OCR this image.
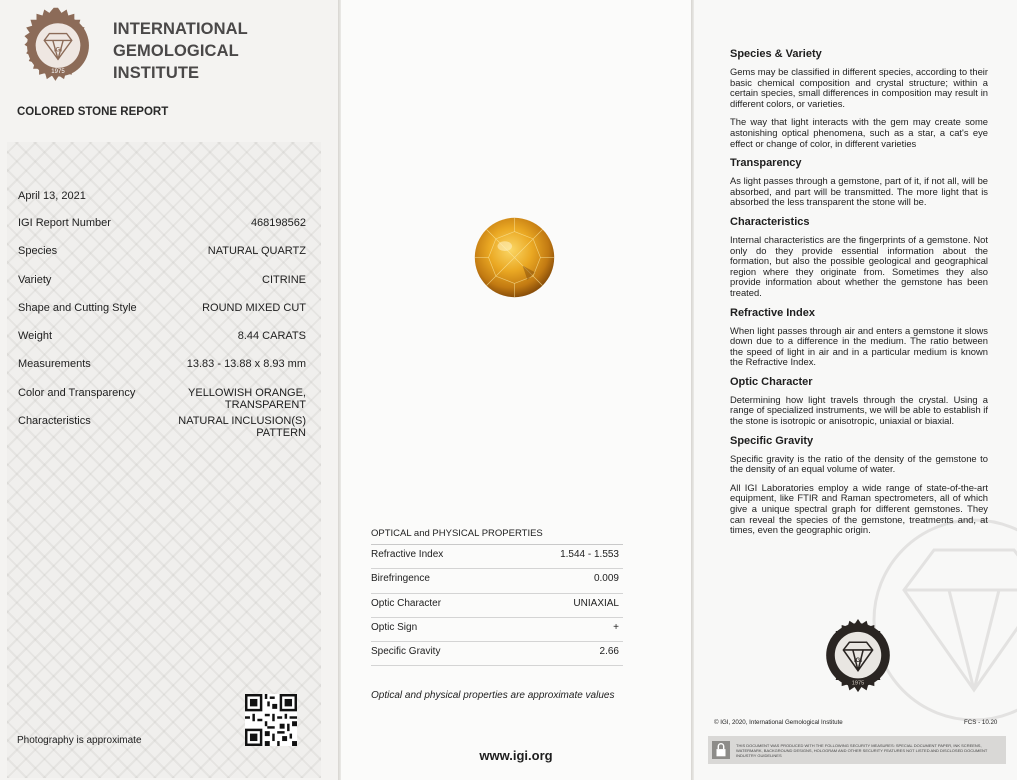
IGI
1975
INTERNATIONAL
GEMOLOGICAL
INSTITUTE
COLORED STONE REPORT
April 13, 2021
IGI Report Number	468198562
Species	NATURAL QUARTZ
Variety	CITRINE
Shape and Cutting Style	ROUND MIXED CUT
Weight	8.44 CARATS
Measurements	13.83 - 13.88 x 8.93 mm
Color and Transparency	YELLOWISH ORANGE,
TRANSPARENT
Characteristics	NATURAL INCLUSION(S)
PATTERN
Photography is approximate
OPTICAL and PHYSICAL PROPERTIES
Refractive Index	1.544 - 1.553
Birefringence	0.009
Optic Character	UNIAXIAL
Optic Sign	+
Specific Gravity	2.66
Optical and physical properties are approximate values
www.igi.org
Species & Variety

Gems may be classified in different species, according to their basic chemical composition and crystal structure; within a certain species, small differences in composition may result in different colors, or varieties.

The way that light interacts with the gem may create some astonishing optical phenomena, such as a star, a cat's eye effect or change of color, in different varieties

Transparency

As light passes through a gemstone, part of it, if not all, will be absorbed, and part will be transmitted. The more light that is absorbed the less transparent the stone will be.

Characteristics

Internal characteristics are the fingerprints of a gemstone. Not only do they provide essential information about the formation, but also the possible geological and geographical region where they originate from. Sometimes they also provide information about whether the gemstone has been treated.

Refractive Index

When light passes through air and enters a gemstone it slows down due to a difference in the medium. The ratio between the speed of light in air and in a particular medium is known the Refractive Index.

Optic Character

Determining how light travels through the crystal. Using a range of specialized instruments, we will be able to establish if the stone is isotropic or anisotropic, uniaxial or biaxial.

Specific Gravity

Specific gravity is the ratio of the density of the gemstone to the density of an equal volume of water.

All IGI Laboratories employ a wide range of state-of-the-art equipment, like FTIR and Raman spectrometers, all of which give a unique spectral graph for different gemstones. They can reveal the species of the gemstone, treatments and, at times, even the geographic origin.

IGI
1975
© IGI, 2020, International Gemological Institute	FCS - 10.20
THIS DOCUMENT WAS PRODUCED WITH THE FOLLOWING SECURITY MEASURES: SPECIAL DOCUMENT PAPER, INK SCREENS, WATERMARK, BACKGROUND DESIGNS, HOLOGRAM AND OTHER SECURITY FEATURES NOT LISTED AND DISCLOSED DOCUMENT INDUSTRY GUIDELINES
